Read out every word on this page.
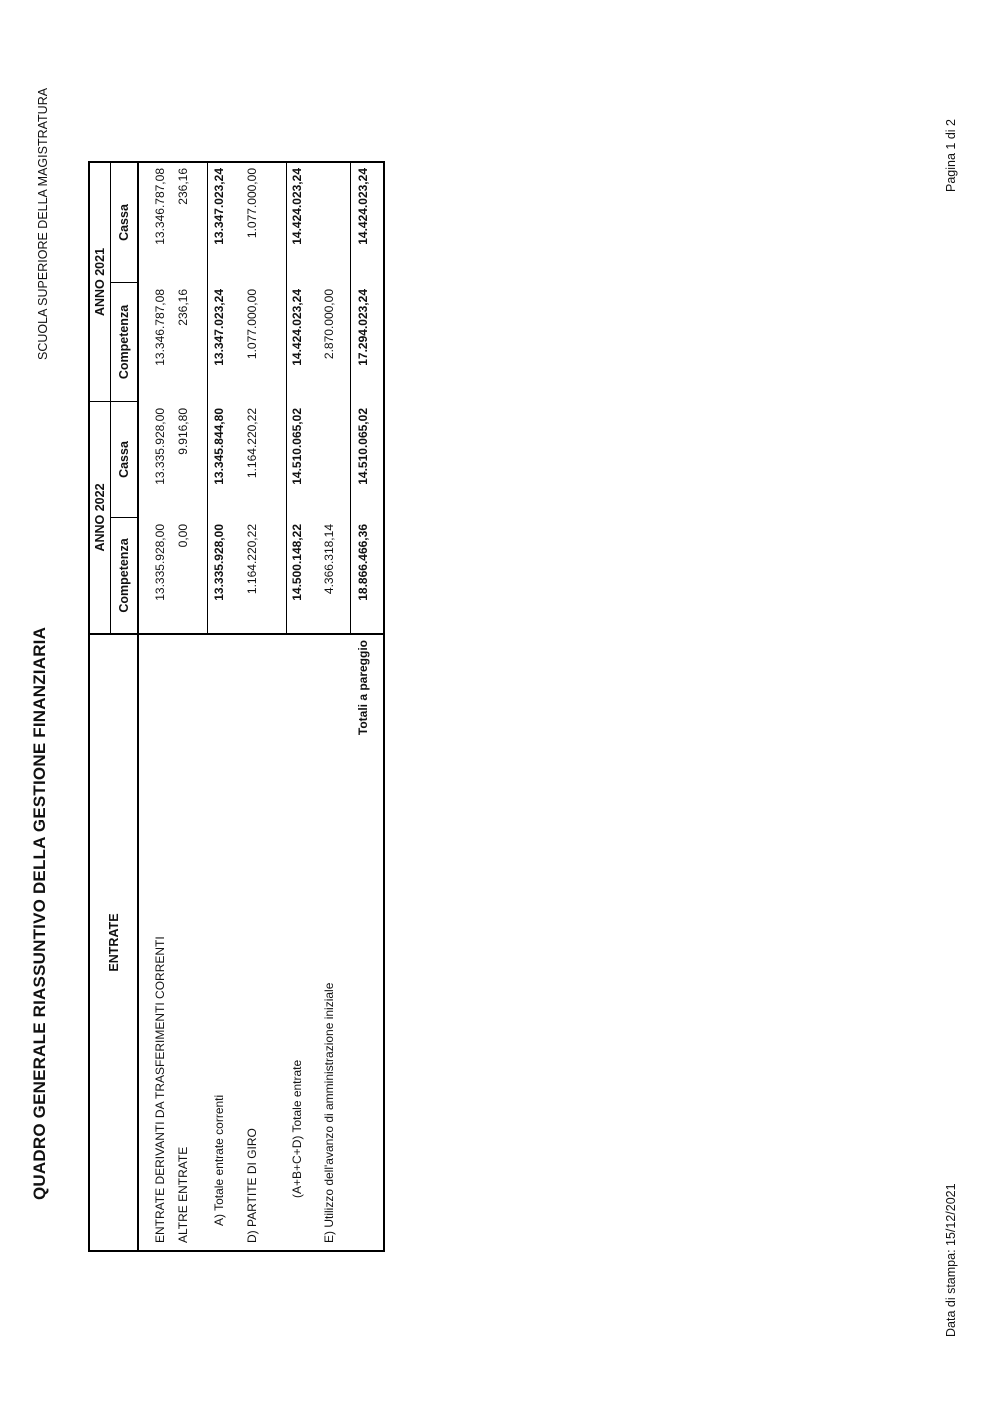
QUADRO GENERALE RIASSUNTIVO DELLA GESTIONE FINANZIARIA
SCUOLA SUPERIORE DELLA MAGISTRATURA
Data di stampa: 15/12/2021
Pagina 1 di 2
ENTRATE
ANNO 2022
ANNO 2021
Competenza
Cassa
Competenza
Cassa
ENTRATE DERIVANTI DA TRASFERIMENTI CORRENTI
13.335.928,00
13.335.928,00
13.346.787,08
13.346.787,08
ALTRE ENTRATE
0,00
9.916,80
236,16
236,16
A) Totale entrate correnti
13.335.928,00
13.345.844,80
13.347.023,24
13.347.023,24
D) PARTITE DI GIRO
1.164.220,22
1.164.220,22
1.077.000,00
1.077.000,00
(A+B+C+D) Totale entrate
14.500.148,22
14.510.065,02
14.424.023,24
14.424.023,24
E) Utilizzo dell'avanzo di amministrazione iniziale
4.366.318,14
2.870.000,00
Totali a pareggio
18.866.466,36
14.510.065,02
17.294.023,24
14.424.023,24
